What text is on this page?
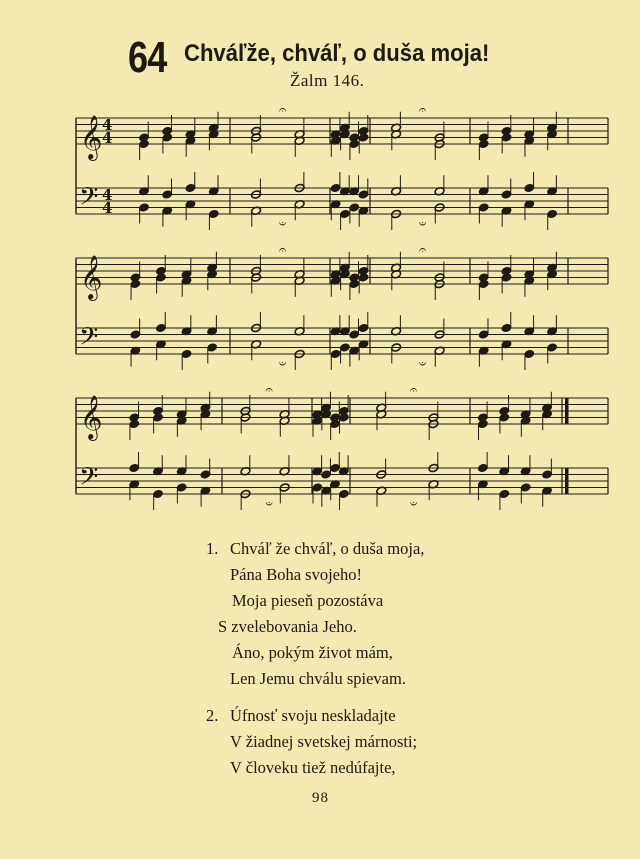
64 Chváľže, chváľ, o duša moja!
Žalm 146.
𝄞
𝄢
4
4
4
4
𝄐
𝄑
𝄐
𝄑
𝄞
𝄢
𝄐
𝄑
𝄐
𝄑
𝄞
𝄢
𝄐
𝄑
𝄐
𝄑
1. Chváľ že chváľ, o duša moja,
Pána Boha svojeho!
Moja pieseň pozostáva
S zvelebovania Jeho.
Áno, pokým život mám,
Len Jemu chválu spievam.
2. Úfnosť svoju neskladajte
V žiadnej svetskej márnosti;
V človeku tiež nedúfajte,
98
